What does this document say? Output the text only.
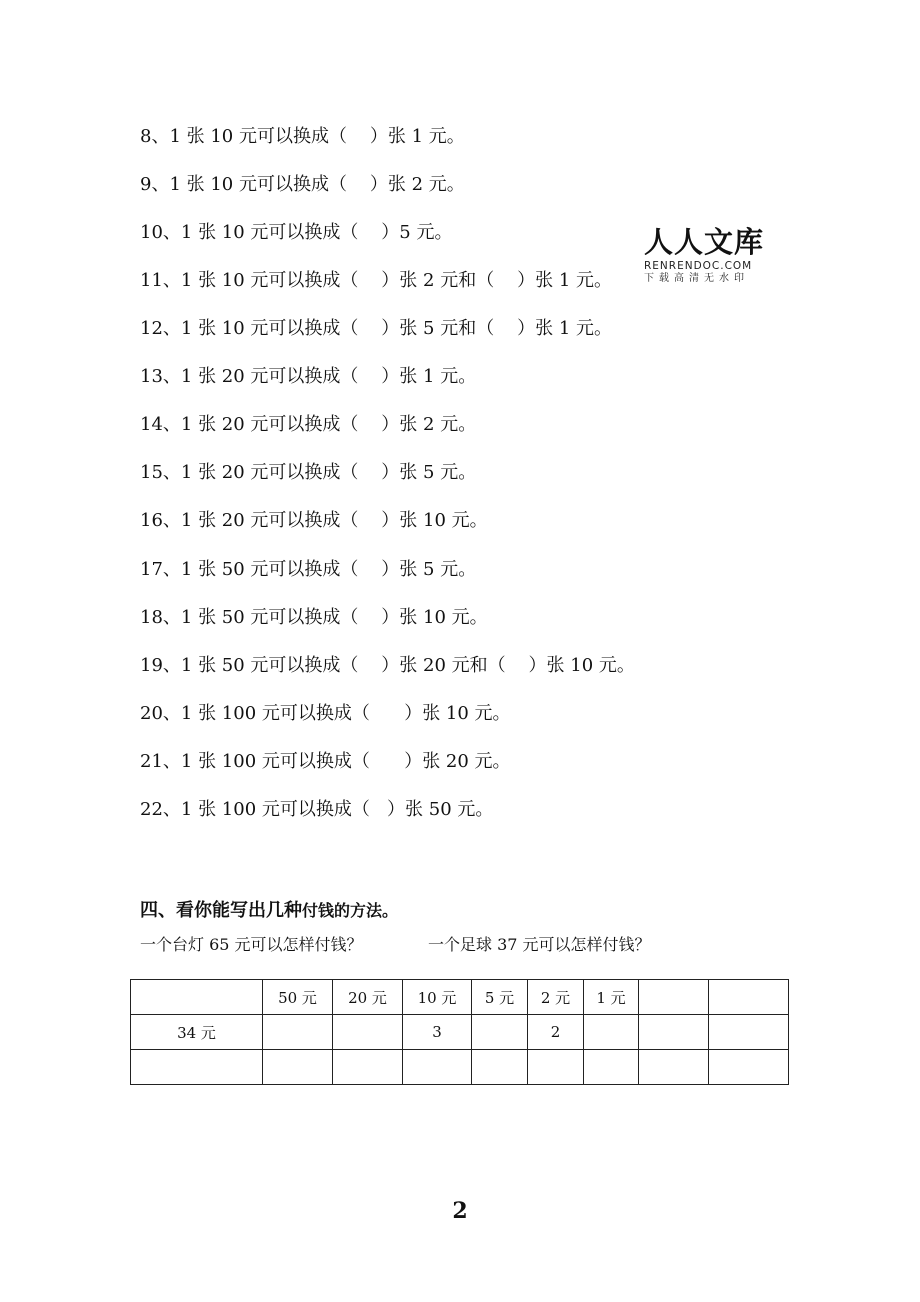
8、1 张 10 元可以换成（    ）张 1 元。
9、1 张 10 元可以换成（    ）张 2 元。
10、1 张 10 元可以换成（    ）5 元。
11、1 张 10 元可以换成（    ）张 2 元和（    ）张 1 元。
12、1 张 10 元可以换成（    ）张 5 元和（    ）张 1 元。
13、1 张 20 元可以换成（    ）张 1 元。
14、1 张 20 元可以换成（    ）张 2 元。
15、1 张 20 元可以换成（    ）张 5 元。
16、1 张 20 元可以换成（    ）张 10 元。
17、1 张 50 元可以换成（    ）张 5 元。
18、1 张 50 元可以换成（    ）张 10 元。
19、1 张 50 元可以换成（    ）张 20 元和（    ）张 10 元。
20、1 张 100 元可以换成（      ）张 10 元。
21、1 张 100 元可以换成（      ）张 20 元。
22、1 张 100 元可以换成（   ）张 50 元。
人人文库
RENRENDOC.COM
下载高清无水印
四、看你能写出几种付钱的方法。
一个台灯 65 元可以怎样付钱？	一个足球 37 元可以怎样付钱？
	50 元	20 元	10 元	5 元	2 元	1 元		
34 元			3		2			

2
